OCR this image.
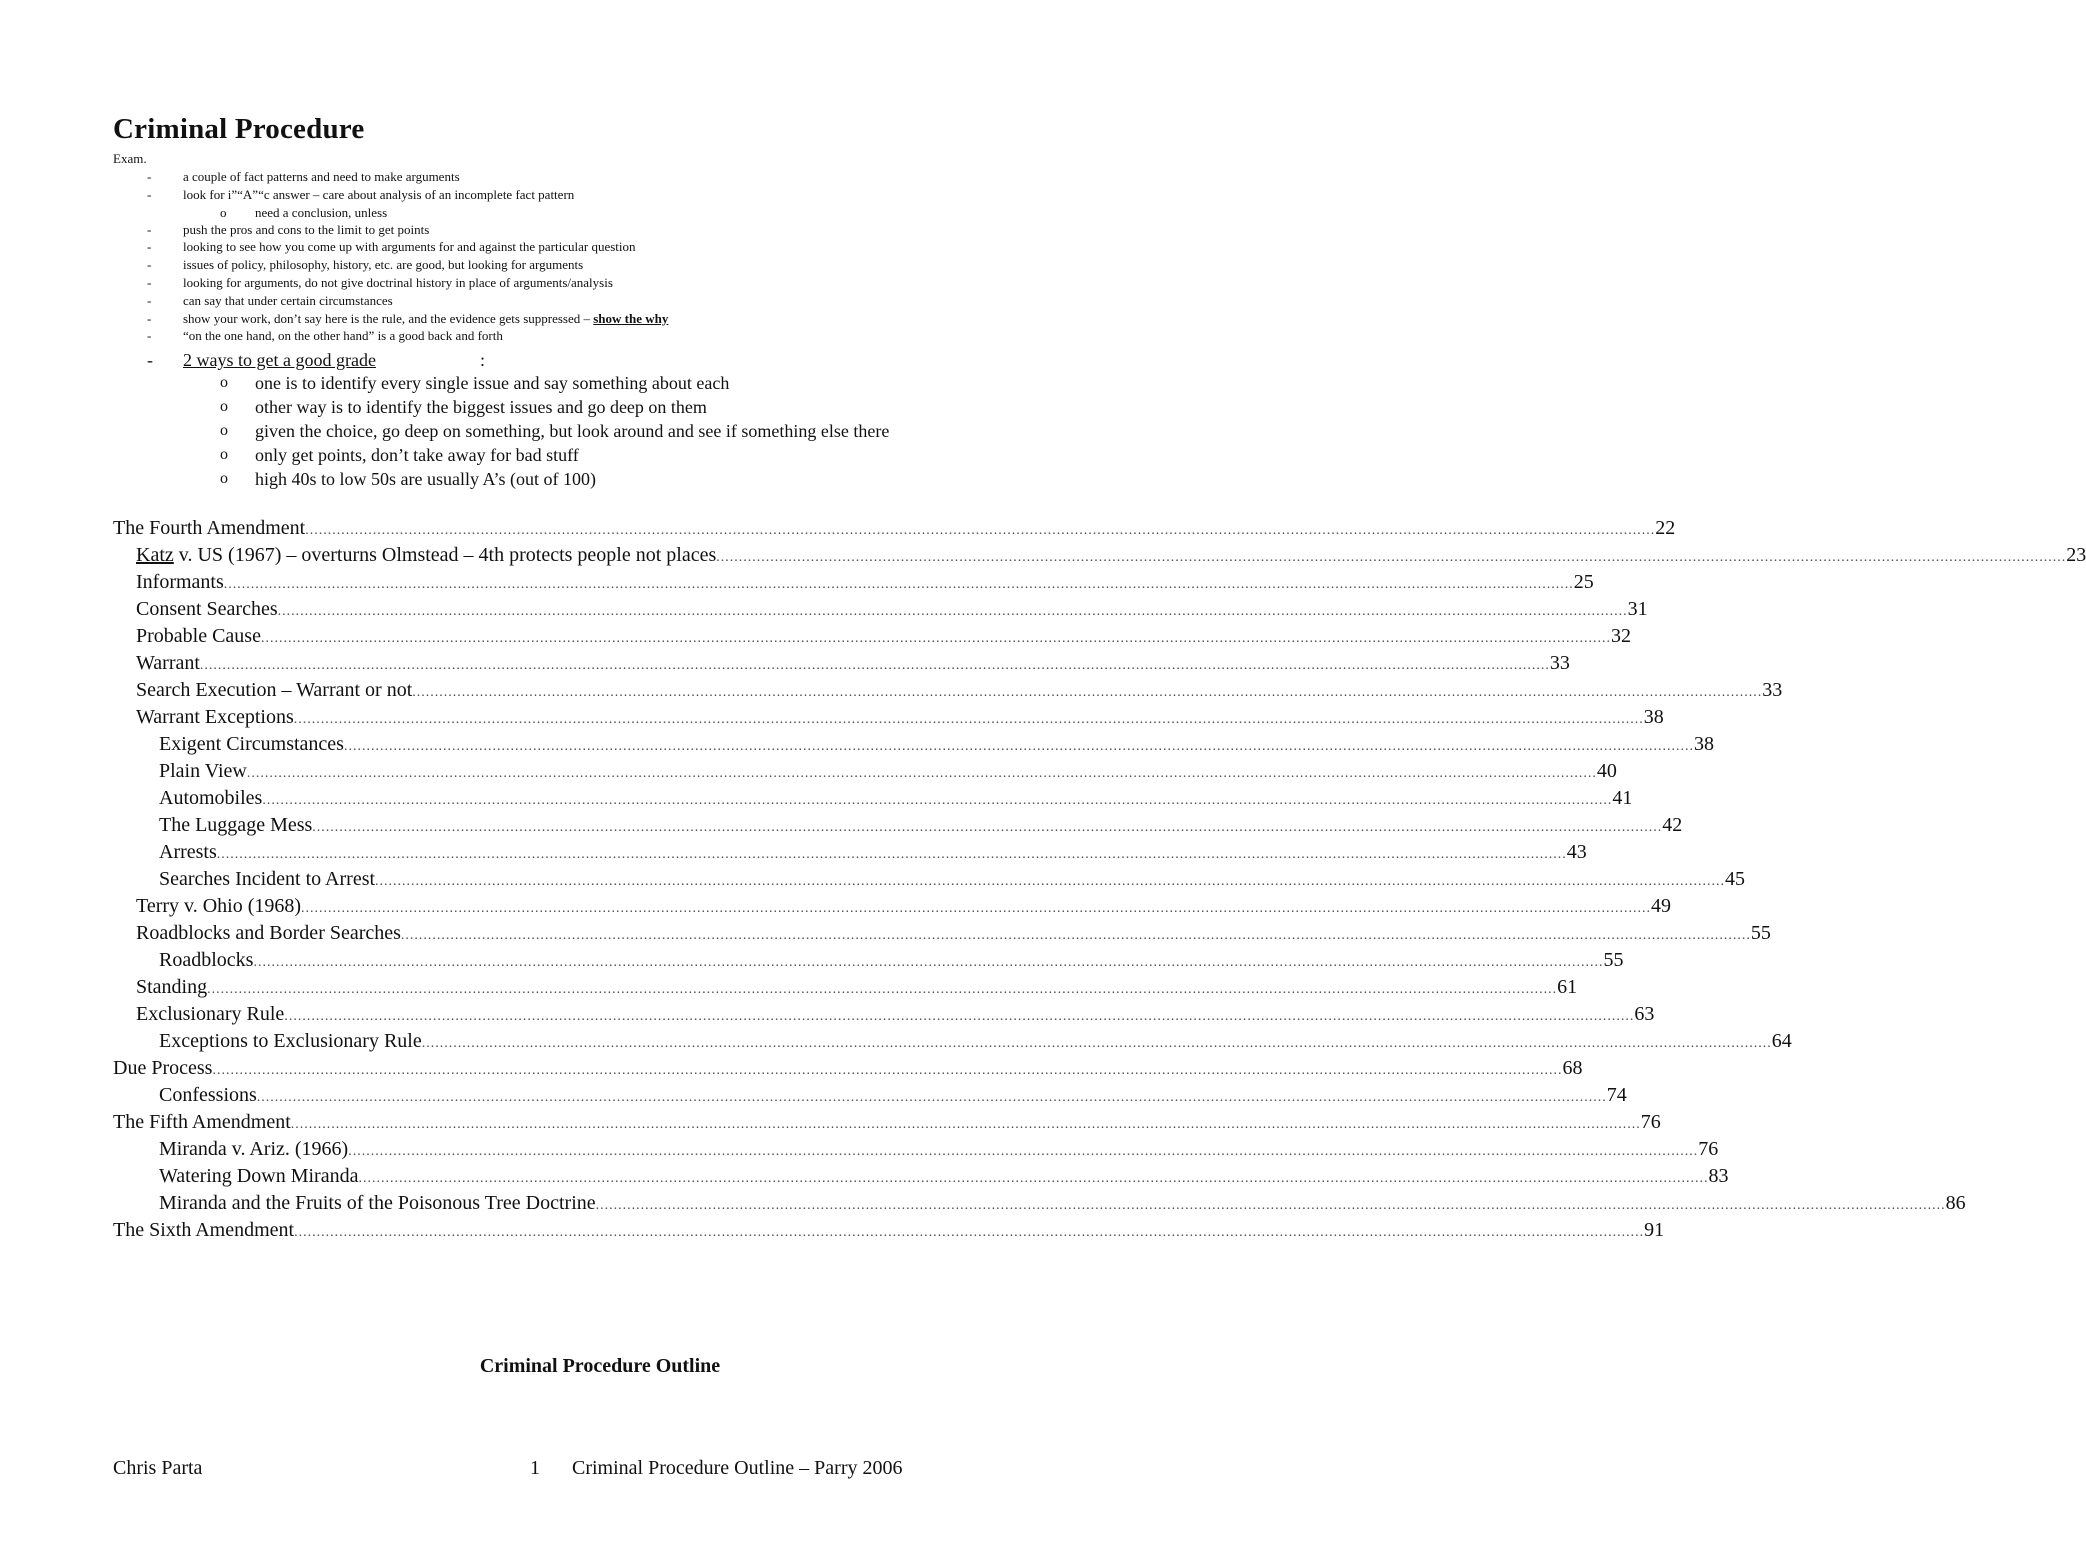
Criminal Procedure
Exam.
- a couple of fact patterns and need to make arguments
- look for i”“A”“c answer – care about analysis of an incomplete fact pattern
o need a conclusion, unless
- push the pros and cons to the limit to get points
- looking to see how you come up with arguments for and against the particular question
- issues of policy, philosophy, history, etc. are good, but looking for arguments
- looking for arguments, do not give doctrinal history in place of arguments/analysis
- can say that under certain circumstances
- show your work, don’t say here is the rule, and the evidence gets suppressed – show the why
- “on the one hand, on the other hand” is a good back and forth
- 2 ways to get a good grade	:
o one is to identify every single issue and say something about each
o other way is to identify the biggest issues and go deep on them
o given the choice, go deep on something, but look around and see if something else there
o only get points, don’t take away for bad stuff
o high 40s to low 50s are usually A’s (out of 100)
The Fourth Amendment ............................................................................................................................................................................................................................................................................................................ 22
Katz v. US (1967) – overturns Olmstead – 4th protects people not places ............................................................................................................................................................................................................................................................................................................ 23
Informants ............................................................................................................................................................................................................................................................................................................ 25
Consent Searches ............................................................................................................................................................................................................................................................................................................ 31
Probable Cause ............................................................................................................................................................................................................................................................................................................ 32
Warrant ............................................................................................................................................................................................................................................................................................................ 33
Search Execution – Warrant or not ............................................................................................................................................................................................................................................................................................................ 33
Warrant Exceptions ............................................................................................................................................................................................................................................................................................................ 38
Exigent Circumstances ............................................................................................................................................................................................................................................................................................................ 38
Plain View ............................................................................................................................................................................................................................................................................................................ 40
Automobiles ............................................................................................................................................................................................................................................................................................................ 41
The Luggage Mess ............................................................................................................................................................................................................................................................................................................ 42
Arrests ............................................................................................................................................................................................................................................................................................................ 43
Searches Incident to Arrest ............................................................................................................................................................................................................................................................................................................ 45
Terry v. Ohio (1968) ............................................................................................................................................................................................................................................................................................................ 49
Roadblocks and Border Searches ............................................................................................................................................................................................................................................................................................................ 55
Roadblocks ............................................................................................................................................................................................................................................................................................................ 55
Standing ............................................................................................................................................................................................................................................................................................................ 61
Exclusionary Rule ............................................................................................................................................................................................................................................................................................................ 63
Exceptions to Exclusionary Rule ............................................................................................................................................................................................................................................................................................................ 64
Due Process ............................................................................................................................................................................................................................................................................................................ 68
Confessions ............................................................................................................................................................................................................................................................................................................ 74
The Fifth Amendment ............................................................................................................................................................................................................................................................................................................ 76
Miranda v. Ariz. (1966) ............................................................................................................................................................................................................................................................................................................ 76
Watering Down Miranda ............................................................................................................................................................................................................................................................................................................ 83
Miranda and the Fruits of the Poisonous Tree Doctrine ............................................................................................................................................................................................................................................................................................................ 86
The Sixth Amendment ............................................................................................................................................................................................................................................................................................................ 91
Criminal Procedure Outline
Chris Parta	1 Criminal Procedure Outline – Parry 2006
